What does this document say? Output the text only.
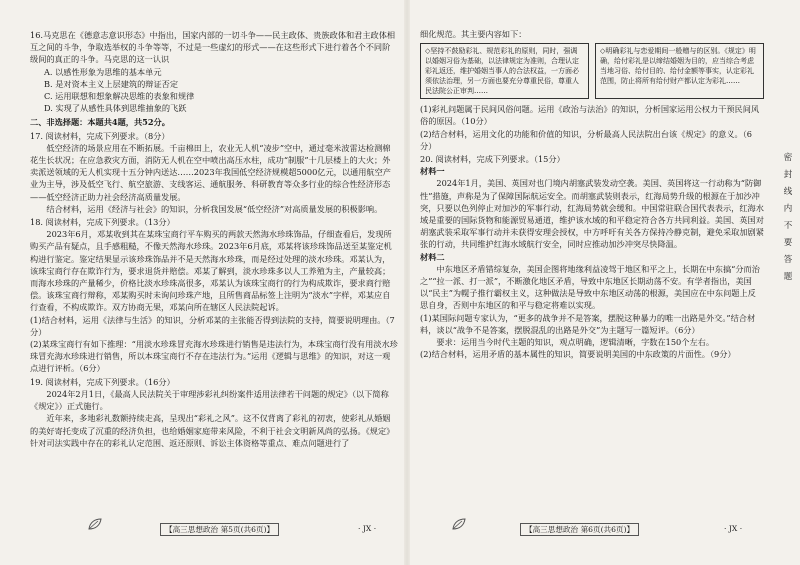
16.马克思在《德意志意识形态》中指出，国家内部的一切斗争——民主政体、贵族政体和君主政体相互之间的斗争，争取选举权的斗争等等，不过是一些虚幻的形式——在这些形式下进行着各个不同阶级间的真正的斗争。马克思的这一认识

A. 以感性形象为思维的基本单元

B. 是对资本主义上层建筑的辩证否定

C. 运用联想和想象解决思维的表象和规律

D. 实现了从感性具体到思维抽象的飞跃

二、非选择题：本题共4题，共52分。

17. 阅读材料，完成下列要求。（8分）

低空经济的场景应用在不断拓展。千亩棉田上，农业无人机“凌步”空中，通过毫米波雷达检测棉花生长状况；在应急救灾方面，消防无人机在空中喷出高压水柱，成功“制服”十几层楼上的大火；外卖派送领域的无人机实现十五分钟内送达……2023年我国低空经济规模超5000亿元，以通用航空产业为主导，涉及低空飞行、航空旅游、支线客运、通航服务、科研教育等众多行业的综合性经济形态——低空经济正助力社会经济高质量发展。

结合材料，运用《经济与社会》的知识，分析我国发展“低空经济”对高质量发展的积极影响。

18. 阅读材料，完成下列要求。（13分）

2023年6月，邓某收到其在某珠宝商行平车购买的两款天然海水珍珠饰品，仔细查看后，发现所购买产品有疑点，且手感粗糙，不像天然海水珍珠。2023年6月底，邓某将该珍珠饰品送至某鉴定机构进行鉴定。鉴定结果显示该珍珠饰品并不是天然海水珍珠，而是经过处理的淡水珍珠。邓某认为，该珠宝商行存在欺诈行为，要求退货并赔偿。邓某了解到，淡水珍珠多以人工养殖为主，产量较高；而海水珍珠的产量稀少，价格比淡水珍珠高很多，邓某认为该珠宝商行的行为构成欺诈，要求商行赔偿。该珠宝商行辩称，邓某购买时未询问珍珠产地，且所售商品标签上注明为“淡水”字样，邓某应自行查看，不构成欺诈。双方协商无果，邓某向所在辖区人民法院起诉。

(1)结合材料，运用《法律与生活》的知识，分析邓某的主张能否得到法院的支持，简要说明理由。（7分）

(2)某珠宝商行有如下推理：“用淡水珍珠冒充海水珍珠进行销售是违法行为，本珠宝商行没有用淡水珍珠冒充海水珍珠进行销售，所以本珠宝商行不存在违法行为。”运用《逻辑与思维》的知识，对这一观点进行评析。（6分）

19. 阅读材料，完成下列要求。（16分）

2024年2月1日，《最高人民法院关于审理涉彩礼纠纷案件适用法律若干问题的规定》（以下简称《规定》）正式施行。

近年来，多地彩礼数额持续走高，呈现出“彩礼之风”。这不仅背离了彩礼的初衷，使彩礼从婚姻的美好寄托变成了沉重的经济负担，也给婚姻家庭带来风险，不利于社会文明新风尚的弘扬。《规定》针对司法实践中存在的彩礼认定范围、返还原则、诉讼主体资格等重点、难点问题进行了

【高三思想政治 第5页(共6页)】	· JX ·

细化规范。其主要内容如下：

◇坚持不鼓励彩礼、规范彩礼的原则，同时，强调以婚姻习俗为基础，以法律规定为准则，合理认定彩礼返还，维护婚姻当事人的合法权益，一方面必须依法治理，另一方面也要充分尊重民俗，尊重人民法院公正审判……
◇明确彩礼与恋爱期间一般赠与的区别。《规定》明确，给付彩礼是以缔结婚姻为目的，应当综合考虑当地习俗、给付目的、给付金额等事实，认定彩礼范围，防止将所有给付财产都认定为彩礼……

(1)彩礼问题属于民间风俗问题。运用《政治与法治》的知识，分析国家运用公权力干预民间风俗的原因。（10分）

(2)结合材料，运用文化的功能和价值的知识，分析最高人民法院出台该《规定》的意义。（6分）

20. 阅读材料，完成下列要求。（15分）

材料一

2024年1月，美国、英国对也门境内胡塞武装发动空袭。美国、英国将这一行动称为“防御性”措施，声称是为了保障国际航运安全。而胡塞武装则表示，红海局势升级的根源在于加沙冲突，只要以色列停止对加沙的军事行动，红海局势就会缓和。中国常驻联合国代表表示，红海水域是重要的国际货物和能源贸易通道，维护该水域的和平稳定符合各方共同利益。美国、英国对胡塞武装采取军事行动并未获得安理会授权，中方呼吁有关各方保持冷静克制，避免采取加剧紧张的行动，共同维护红海水域航行安全，同时应推动加沙冲突尽快降温。

材料二

中东地区矛盾错综复杂，美国企图将地缘利益凌驾于地区和平之上，长期在中东搞“分而治之”“拉一派、打一派”，不断激化地区矛盾，导致中东地区长期动荡不安。有学者指出，美国以“民主”为幌子推行霸权主义，这种做法是导致中东地区动荡的根源，美国应在中东问题上反思自身，否则中东地区的和平与稳定将难以实现。

(1)某国际问题专家认为，“更多的战争并不是答案，摆脱这种暴力的唯一出路是外交。”结合材料，谈以“战争不是答案，摆脱混乱的出路是外交”为主题写一篇短评。（6分）

要求：运用当今时代主题的知识，观点明确，逻辑清晰，字数在150个左右。

(2)结合材料，运用矛盾的基本属性的知识，简要说明美国的中东政策的片面性。（9分）

【高三思想政治 第6页(共6页)】	· JX ·
密
封
线
内
不
要
答
题
